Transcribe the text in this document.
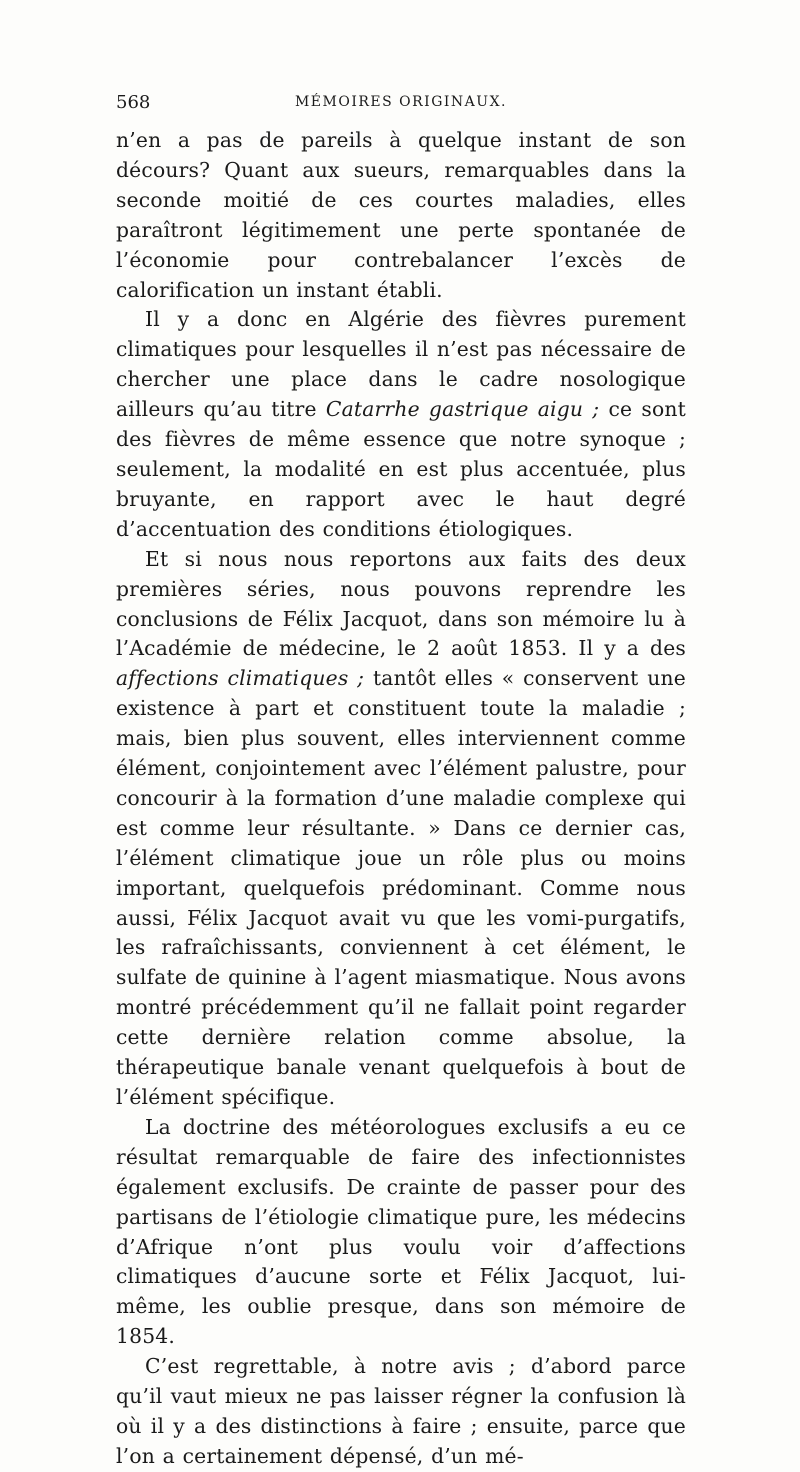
568	MÉMOIRES ORIGINAUX.

n’en a pas de pareils à quelque instant de son décours? Quant aux sueurs, remarquables dans la seconde moitié de ces courtes maladies, elles paraîtront légitimement une perte spontanée de l’économie pour contrebalancer l’excès de calorification un instant établi.

Il y a donc en Algérie des fièvres purement climatiques pour lesquelles il n’est pas nécessaire de chercher une place dans le cadre nosologique ailleurs qu’au titre Catarrhe gastrique aigu ; ce sont des fièvres de même essence que notre synoque ; seulement, la modalité en est plus accentuée, plus bruyante, en rapport avec le haut degré d’accentuation des conditions étiologiques.

Et si nous nous reportons aux faits des deux premières séries, nous pouvons reprendre les conclusions de Félix Jacquot, dans son mémoire lu à l’Académie de médecine, le 2 août 1853. Il y a des affections climatiques ; tantôt elles « conservent une existence à part et constituent toute la maladie ; mais, bien plus souvent, elles interviennent comme élément, conjointement avec l’élément palustre, pour concourir à la formation d’une maladie complexe qui est comme leur résultante. » Dans ce dernier cas, l’élément climatique joue un rôle plus ou moins important, quelquefois prédominant. Comme nous aussi, Félix Jacquot avait vu que les vomi-purgatifs, les rafraîchissants, conviennent à cet élément, le sulfate de quinine à l’agent miasmatique. Nous avons montré précédemment qu’il ne fallait point regarder cette dernière relation comme absolue, la thérapeutique banale venant quelquefois à bout de l’élément spécifique.

La doctrine des météorologues exclusifs a eu ce résultat remarquable de faire des infectionnistes également exclusifs. De crainte de passer pour des partisans de l’étiologie climatique pure, les médecins d’Afrique n’ont plus voulu voir d’affections climatiques d’aucune sorte et Félix Jacquot, lui-même, les oublie presque, dans son mémoire de 1854.

C’est regrettable, à notre avis ; d’abord parce qu’il vaut mieux ne pas laisser régner la confusion là où il y a des distinctions à faire ; ensuite, parce que l’on a certainement dépensé, d’un mé-
